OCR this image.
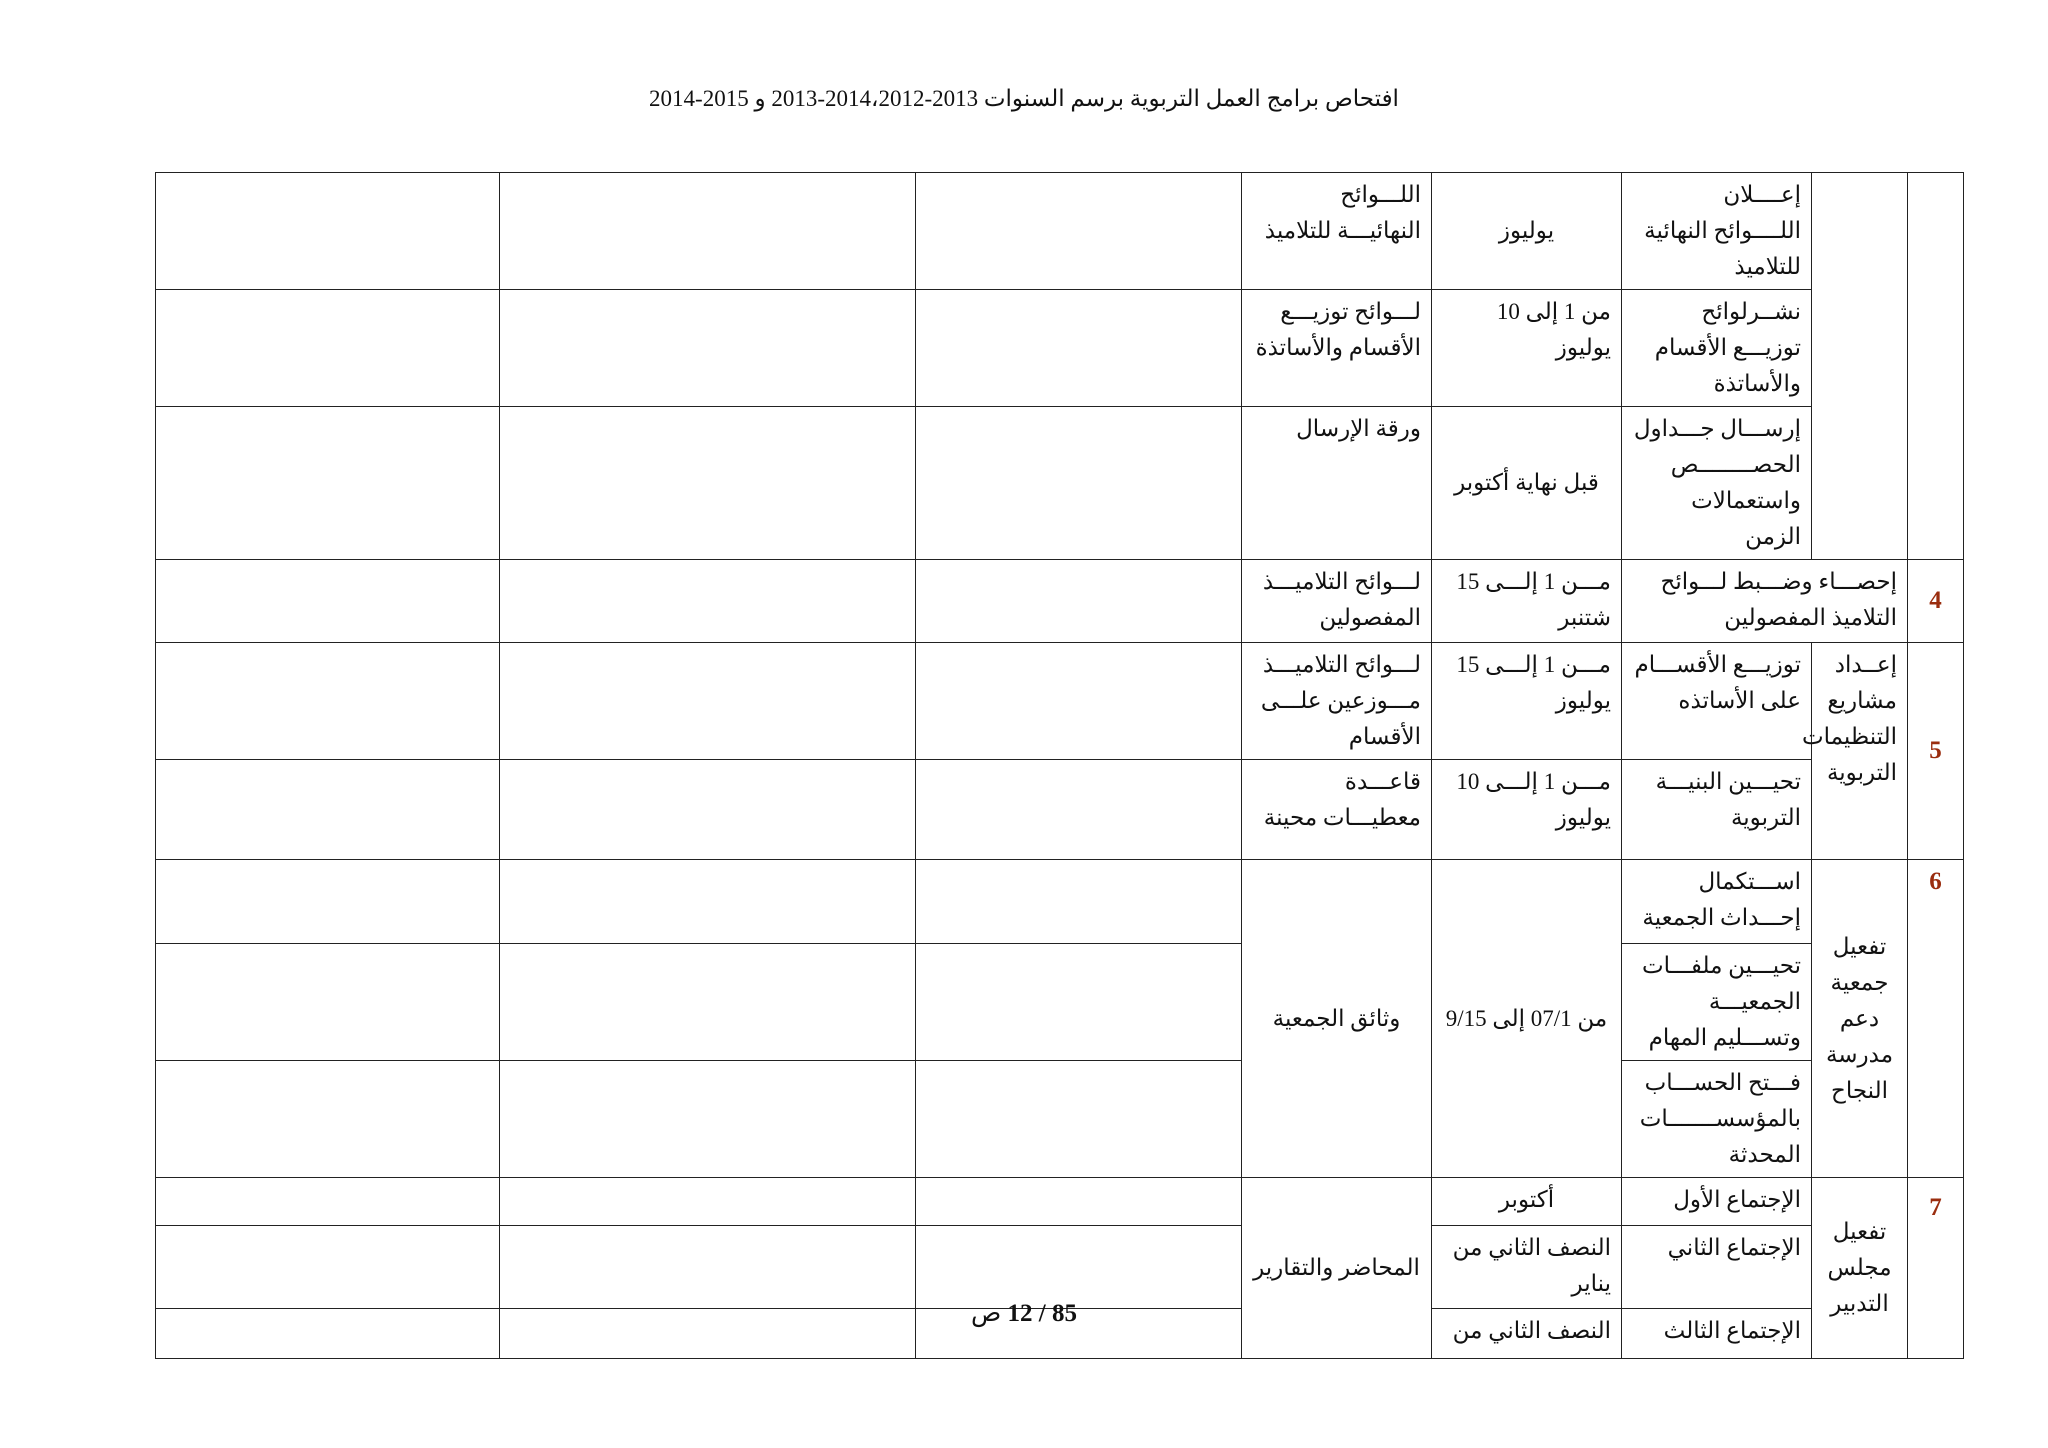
افتحاص برامج العمل التربوية برسم السنوات 2012-2013،2013-2014 و 2014-2015
		إعــــلان اللــــوائح النهائية للتلاميذ	يوليوز	اللـــوائح النهائيـــة للتلاميذ			
		نشــرلوائح توزيـــع الأقسام والأساتذة	من 1 إلى 10 يوليوز	لـــوائح توزيـــع الأقسام والأساتذة			
		إرســـال جـــداول الحصــــــــص واستعمالات الزمن	قبل نهاية أكتوبر	ورقة الإرسال			
4	إحصـــاء وضـــبط لـــوائح التلاميذ المفصولين		مـــن 1 إلـــى 15 شتنبر	لـــوائح التلاميـــذ المفصولين			
5	إعــداد مشاريع التنظيمات التربوية	توزيـــع الأقســـام على الأساتذه	مـــن 1 إلـــى 15 يوليوز	لـــوائح التلاميـــذ مـــوزعين علـــى الأقسام			
		تحيـــين البنيـــة التربوية	مـــن 1 إلـــى 10 يوليوز	قاعـــدة معطيـــات محينة			
6	تفعيل جمعية دعم مدرسة النجاح	اســـتكمال إحـــداث الجمعية	من 07/1 إلى 9/15	وثائق الجمعية			
		تحيـــين ملفـــات الجمعيـــة وتســـليم المهام					
		فـــتح الحســـاب بالمؤسســـــــات المحدثة					
7	تفعيل مجلس التدبير	الإجتماع الأول	أكتوبر	المحاضر والتقارير			
		الإجتماع الثاني	النصف الثاني من يناير				
		الإجتماع الثالث	النصف الثاني من				
85 / 12 ص
